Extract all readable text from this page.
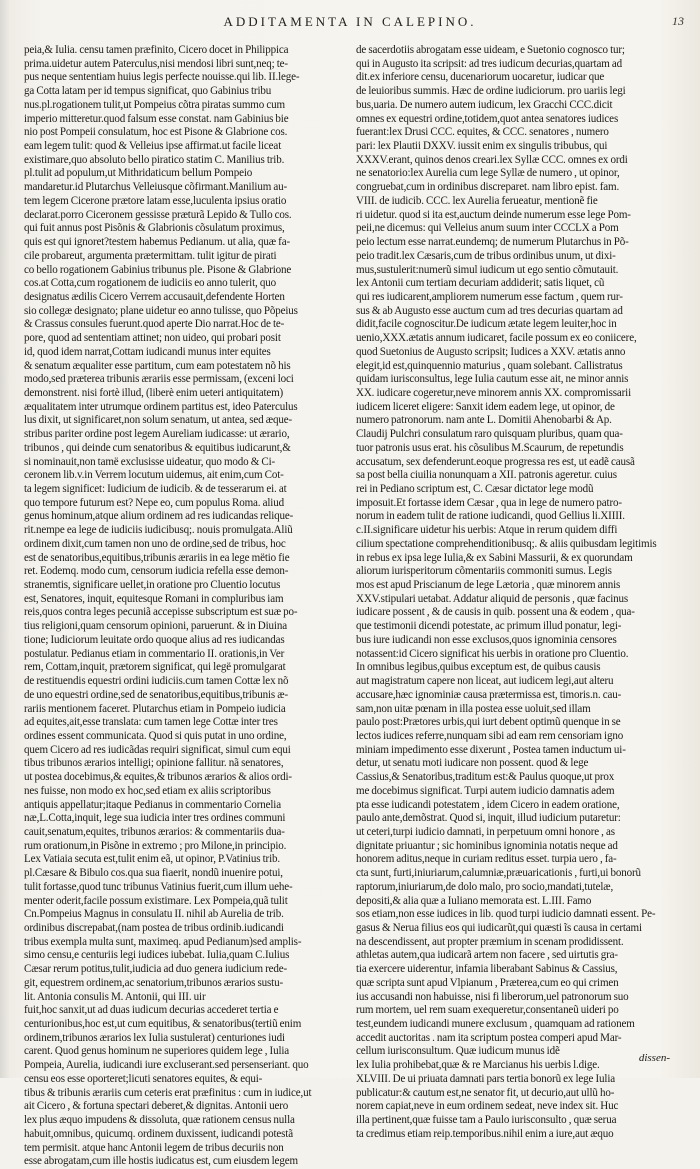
ADDITAMENTA IN CALEPINO.	13
peia,& Iulia. censu tamen præfinito, Cicero docet in Philippica
prima.uidetur autem Paterculus,nisi mendosi libri sunt,neq; te-
pus neque sententiam huius legis perfecte nouisse.qui lib. II.lege-
ga Cotta latam per id tempus significat, quo Gabinius tribu
nus.pl.rogationem tulit,ut Pompeius cõtra piratas summo cum
imperio mitteretur.quod falsum esse constat. nam Gabinius bie
nio post Pompeii consulatum, hoc est Pisone & Glabrione cos.
eam legem tulit: quod & Velleius ipse affirmat.ut facile liceat
existimare,quo absoluto bello piratico statim C. Manilius trib.
pl.tulit ad populum,ut Mithridaticum bellum Pompeio
mandaretur.id Plutarchus Velleiusque cõfirmant.Manilium au-
tem legem Cicerone prætore latam esse,luculenta ipsius oratio
declarat.porro Ciceronem gessisse præturã Lepido & Tullo cos.
qui fuit annus post Pisõnis & Glabrionis cõsulatum proximus,
quis est qui ignoret?testem habemus Pedianum. ut alia, quæ fa-
cile probareut, argumenta prætermittam. tulit igitur de pirati
co bello rogationem Gabinius tribunus ple. Pisone & Glabrione
cos.at Cotta,cum rogationem de iudiciis eo anno tulerit, quo
designatus ædilis Cicero Verrem accusauit,defendente Horten
sio collegæ designato; plane uidetur eo anno tulisse, quo Põpeius
& Crassus consules fuerunt.quod aperte Dio narrat.Hoc de te-
pore, quod ad sententiam attinet; non uideo, qui probari posit
id, quod idem narrat,Cottam iudicandi munus inter equites
& senatum æqualiter esse partitum, cum eam potestatem nõ his
modo,sed præterea tribunis ærariis esse permissam, (exceni loci
demonstrent. nisi fortè illud, (liberè enim ueteri antiquitatem)
æqualitatem inter utrumque ordinem partitus est, ideo Paterculus
lus dixit, ut significaret,non solum senatum, ut antea, sed æque-
stribus pariter ordine post legem Aureliam iudicasse: ut ærario,
tribunos , qui deinde cum senatoribus & equitibus iudicarunt,&
si nominauit,non tamë exclusisse uideatur, quo modo & Ci-
ceronem lib.v.in Verrem locutum uidemus, ait enim,cum Cot-
ta legem significet: Iudicium de iudicib. & de tesserarum ei. at
quo tempore futurum est? Nepe eo, cum populus Roma. aliud
genus hominum,atque alium ordinem ad res iudicandas relique-
rit.nempe ea lege de iudiciis iudicibusq;. nouis promulgata.Aliũ
ordinem dixit,cum tamen non uno de ordine,sed de tribus, hoc
est de senatoribus,equitibus,tribunis ærariis in ea lege mëtio fie
ret. Eodemq. modo cum, censorum iudicia refella esse demon-
stranemtis, significare uellet,in oratione pro Cluentio locutus
est, Senatores, inquit, equitesque Romani in compluribus iam
reis,quos contra leges pecuniã accepisse subscriptum est suæ po-
tius religioni,quam censorum opinioni, paruerunt. & in Diuina
tione; Iudiciorum leuitate ordo quoque alius ad res iudicandas
postulatur. Pedianus etiam in commentario II. orationis,in Ver
rem, Cottam,inquit, prætorem significat, qui legë promulgarat
de restituendis equestri ordini iudiciis.cum tamen Cottæ lex nõ
de uno equestri ordine,sed de senatoribus,equitibus,tribunis æ-
rariis mentionem faceret. Plutarchus etiam in Pompeio iudicia
ad equites,ait,esse translata: cum tamen lege Cottæ inter tres
ordines essent communicata. Quod si quis putat in uno ordine,
quem Cicero ad res iudicãdas requiri significat, simul cum equi
tibus tribunos ærarios intelligi; opinione fallitur. nã senatores,
ut postea docebimus,& equites,& tribunos ærarios & alios ordi-
nes fuisse, non modo ex hoc,sed etiam ex aliis scriptoribus
antiquis appellatur;itaque Pedianus in commentario Cornelia
næ,L.Cotta,inquit, lege sua iudicia inter tres ordines communi
cauit,senatum,equites, tribunos ærarios: & commentariis dua-
rum orationum,in Pisõne in extremo ; pro Milone,in principio.
Lex Vatiaia secuta est,tulit enim eã, ut opinor, P.Vatinius trib.
pl.Cæsare & Bibulo cos.qua sua fiaerit, nondũ inuenire potui,
tulit fortasse,quod tunc tribunus Vatinius fuerit,cum illum uehe-
menter oderit,facile possum existimare. Lex Pompeia,quã tulit
Cn.Pompeius Magnus in consulatu II. nihil ab Aurelia de trib.
ordinibus discrepabat,(nam postea de tribus ordinib.iudicandi
tribus exempla multa sunt, maximeq. apud Pedianum)sed amplis-
simo censu,e centuriis legi iudices iubebat. Iulia,quam C.Iulius
Cæsar rerum potitus,tulit,iudicia ad duo genera iudicium rede-
git, equestrem ordinem,ac senatorium,tribunos ærarios sustu-
lit. Antonia consulis M. Antonii, qui III. uir
fuit,hoc sanxit,ut ad duas iudicum decurias accederet tertia e
centurionibus,hoc est,ut cum equitibus, & senatoribus(tertiũ enim
ordinem,tribunos ærarios lex Iulia sustulerat) centuriones iudi
carent. Quod genus hominum ne superiores quidem lege , Iulia
Pompeia, Aurelia, iudicandi iure excluserant.sed persenseriant. quo
censu eos esse oporteret;licuti senatores equites, & equi-
tibus & tribunis ærariis cum ceteris erat præfinitus : cum in iudice,ut
ait Cicero , & fortuna spectari deberet,& dignitas. Antonii uero
lex plus æquo impudens & dissoluta, quæ rationem census nulla
habuit,omnibus, quicumq. ordinem duxissent, iudicandi potestã
tem permisit. atque hanc Antonii legem de tribus decuriis non
esse abrogatam,cum ille hostis iudicatus est, cum eiusdem legem
de sacerdotiis abrogatam esse uideam, e Suetonio cognosco tur;
qui in Augusto ita scripsit: ad tres iudicum decurias,quartam ad
dit.ex inferiore censu, ducenariorum uocaretur, iudicar que
de leuioribus summis. Hæc de ordine iudiciorum. pro uariis legi
bus,uaria. De numero autem iudicum, lex Gracchi CCC.dicit
omnes ex equestri ordine,totidem,quot antea senatores iudices
fuerant:lex Drusi CCC. equites, & CCC. senatores , numero
pari: lex Plautii DXXV. iussit enim ex singulis tribubus, qui
XXXV.erant, quinos denos creari.lex Syllæ CCC. omnes ex ordi
ne senatorio:lex Aurelia cum lege Syllæ de numero , ut opinor,
congruebat,cum in ordinibus discreparet. nam libro epist. fam.
VIII. de iudicib. CCC. lex Aurelia ferueatur, mentionẽ fie
ri uidetur. quod si ita est,auctum deinde numerum esse lege Pom-
peii,ne dicemus: qui Velleius anum suum inter CCCLX a Pom
peio lectum esse narrat.eundemq; de numerum Plutarchus in Põ-
peio tradit.lex Cæsaris,cum de tribus ordinibus unum, ut dixi-
mus,sustulerit:numerũ simul iudicum ut ego sentio cõmutauit.
lex Antonii cum tertiam decuriam addiderit; satis liquet, cũ
qui res iudicarent,ampliorem numerum esse factum , quem rur-
sus & ab Augusto esse auctum cum ad tres decurias quartam ad
didit,facile cognoscitur.De iudicum ætate legem leuiter,hoc in
uenio,XXX.ætatis annum iudicaret, facile possum ex eo coniicere,
quod Suetonius de Augusto scripsit; Iudices a XXV. ætatis anno
elegit,id est,quinquennio maturius , quam solebant. Callistratus
quidam iurisconsultus, lege Iulia cautum esse ait, ne minor annis
XX. iudicare cogeretur,neve minorem annis XX. compromissarii
iudicem liceret eligere: Sanxit idem eadem lege, ut opinor, de
numero patronorum. nam ante L. Domitii Ahenobarbi & Ap.
Claudij Pulchri consulatum raro quisquam pluribus, quam qua-
tuor patronis usus erat. his cõsulibus M.Scaurum, de repetundis
accusatum, sex defenderunt.eoque progressa res est, ut eadẽ causã
sa post bella ciuilia nonunquam a XII. patronis ageretur. cuius
rei in Pediano scriptum est, C. Cæsar dictator lege modũ
imposuit.Et fortasse idem Cæsar , qua in lege de numero patro-
norum in eadem tulit de ratione iudicandi, quod Gellius li.XIIII.
c.II.significare uidetur his uerbis: Atque in rerum quidem diffi
cilium spectatione comprehenditionibusq;. & aliis quibusdam legitimis
in rebus ex ipsa lege Iulia,& ex Sabini Massurii, & ex quorundam
aliorum iurisperitorum cõmentariis commoniti sumus. Legis
mos est apud Priscianum de lege Lætoria , quæ minorem annis
XXV.stipulari uetabat. Addatur aliquid de personis , quæ facinus
iudicare possent , & de causis in quib. possent una & eodem , qua-
que testimonii dicendi potestate, ac primum illud ponatur, legi-
bus iure iudicandi non esse exclusos,quos ignominia censores
notassent:id Cicero significat his uerbis in oratione pro Cluentio.
In omnibus legibus,quibus exceptum est, de quibus causis
aut magistratum capere non liceat, aut iudicem legi,aut alteru
accusare,hæc ignominiæ causa prætermissa est, timoris.n. cau-
sam,non uitæ pœnam in illa postea esse uoluit,sed illam
paulo post:Prætores urbis,qui iurt debent optimũ quenque in se
lectos iudices referre,nunquam sibi ad eam rem censoriam igno
miniam impedimento esse dixerunt , Postea tamen inductum ui-
detur, ut senatu moti iudicare non possent. quod & lege
Cassius,& Senatoribus,traditum est:& Paulus quoque,ut prox
me docebimus significat. Turpi autem iudicio damnatis adem
pta esse iudicandi potestatem , idem Cicero in eadem oratione,
paulo ante,demõstrat. Quod si, inquit, illud iudicium putaretur:
ut ceteri,turpi iudicio damnati, in perpetuum omni honore , as
dignitate priuantur ; sic hominibus ignominia notatis neque ad
honorem aditus,neque in curiam reditus esset. turpia uero , fa-
cta sunt, furti,iniuriarum,calumniæ,præuaricationis , furti,ui bonorũ
raptorum,iniuriarum,de dolo malo, pro socio,mandati,tutelæ,
depositi,& alia quæ a Iuliano memorata est. L.III. Famo
sos etiam,non esse iudices in lib. quod turpi iudicio damnati essent. Pe-
gasus & Nerua filius eos qui iudicarũt,qui quæsti ĩs causa in certami
na descendissent, aut propter præmium in scenam prodidissent.
athletas autem,qua iudicarã artem non facere , sed uirtutis gra-
tia exercere uiderentur, infamia liberabant Sabinus & Cassius,
quæ scripta sunt apud Vlpianum , Præterea,cum eo qui crimen
ius accusandi non habuisse, nisi fi liberorum,uel patronorum suo
rum mortem, uel rem suam exequeretur,consentaneũ uideri po
test,eundem iudicandi munere exclusum , quamquam ad rationem
accedit auctoritas . nam ita scriptum postea comperi apud Mar-
cellum iurisconsultum. Quæ iudicum munus idẽ
lex Iulia prohibebat,quæ & re Marcianus his uerbis l.dige.
XLVIII. De ui priuata damnati pars tertia bonorũ ex lege Iulia
publicatur:& cautum est,ne senator fit, ut decurio,aut ullũ ho-
norem capiat,neve in eum ordinem sedeat, neve index sit. Huc
illa pertinent,quæ fuisse tam a Paulo iurisconsulto , quæ serua
ta credimus etiam reip.temporibus.nihil enim a iure,aut æquo
dissen-
